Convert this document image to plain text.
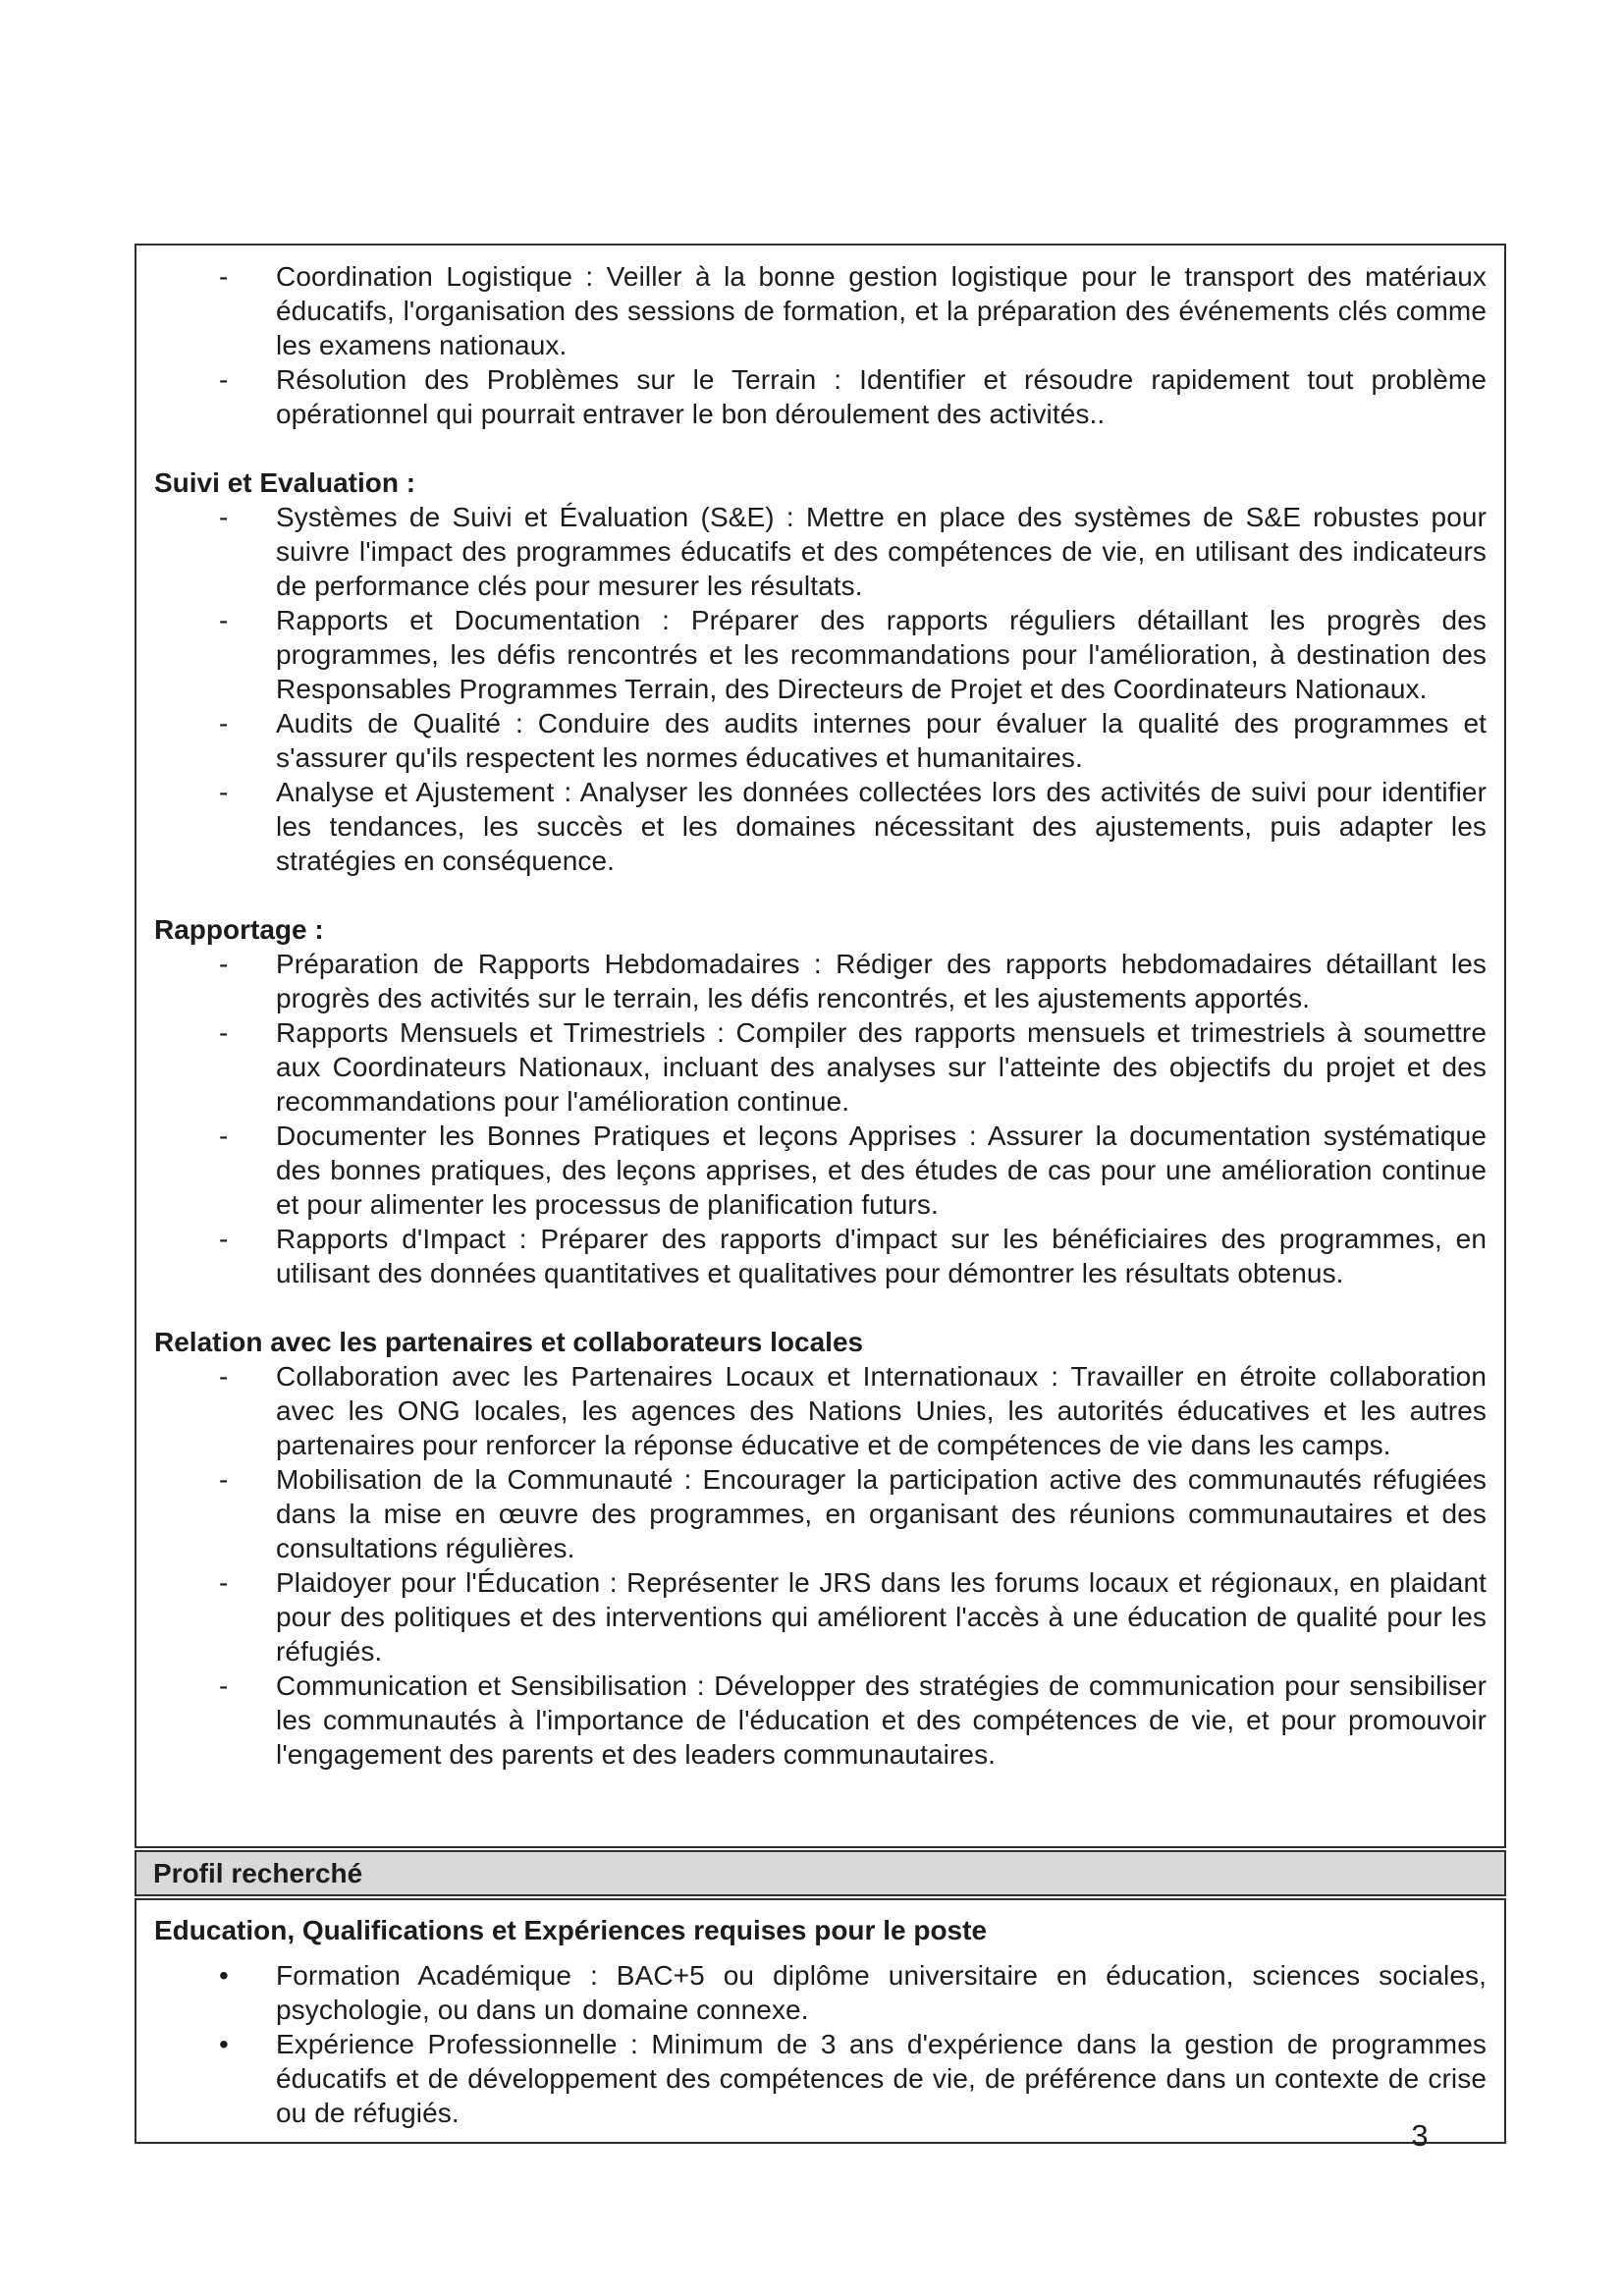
- Coordination Logistique : Veiller à la bonne gestion logistique pour le transport des matériaux éducatifs, l'organisation des sessions de formation, et la préparation des événements clés comme les examens nationaux.
- Résolution des Problèmes sur le Terrain : Identifier et résoudre rapidement tout problème opérationnel qui pourrait entraver le bon déroulement des activités..
Suivi et Evaluation :
- Systèmes de Suivi et Évaluation (S&E) : Mettre en place des systèmes de S&E robustes pour suivre l'impact des programmes éducatifs et des compétences de vie, en utilisant des indicateurs de performance clés pour mesurer les résultats.
- Rapports et Documentation : Préparer des rapports réguliers détaillant les progrès des programmes, les défis rencontrés et les recommandations pour l'amélioration, à destination des Responsables Programmes Terrain, des Directeurs de Projet et des Coordinateurs Nationaux.
- Audits de Qualité : Conduire des audits internes pour évaluer la qualité des programmes et s'assurer qu'ils respectent les normes éducatives et humanitaires.
- Analyse et Ajustement : Analyser les données collectées lors des activités de suivi pour identifier les tendances, les succès et les domaines nécessitant des ajustements, puis adapter les stratégies en conséquence.
Rapportage :
- Préparation de Rapports Hebdomadaires : Rédiger des rapports hebdomadaires détaillant les progrès des activités sur le terrain, les défis rencontrés, et les ajustements apportés.
- Rapports Mensuels et Trimestriels : Compiler des rapports mensuels et trimestriels à soumettre aux Coordinateurs Nationaux, incluant des analyses sur l'atteinte des objectifs du projet et des recommandations pour l'amélioration continue.
- Documenter les Bonnes Pratiques et leçons Apprises : Assurer la documentation systématique des bonnes pratiques, des leçons apprises, et des études de cas pour une amélioration continue et pour alimenter les processus de planification futurs.
- Rapports d'Impact : Préparer des rapports d'impact sur les bénéficiaires des programmes, en utilisant des données quantitatives et qualitatives pour démontrer les résultats obtenus.
Relation avec les partenaires et collaborateurs locales
- Collaboration avec les Partenaires Locaux et Internationaux : Travailler en étroite collaboration avec les ONG locales, les agences des Nations Unies, les autorités éducatives et les autres partenaires pour renforcer la réponse éducative et de compétences de vie dans les camps.
- Mobilisation de la Communauté : Encourager la participation active des communautés réfugiées dans la mise en œuvre des programmes, en organisant des réunions communautaires et des consultations régulières.
- Plaidoyer pour l'Éducation : Représenter le JRS dans les forums locaux et régionaux, en plaidant pour des politiques et des interventions qui améliorent l'accès à une éducation de qualité pour les réfugiés.
- Communication et Sensibilisation : Développer des stratégies de communication pour sensibiliser les communautés à l'importance de l'éducation et des compétences de vie, et pour promouvoir l'engagement des parents et des leaders communautaires.
Profil recherché
Education, Qualifications et Expériences requises pour le poste
• Formation Académique : BAC+5 ou diplôme universitaire en éducation, sciences sociales, psychologie, ou dans un domaine connexe.
• Expérience Professionnelle : Minimum de 3 ans d'expérience dans la gestion de programmes éducatifs et de développement des compétences de vie, de préférence dans un contexte de crise ou de réfugiés.
3
